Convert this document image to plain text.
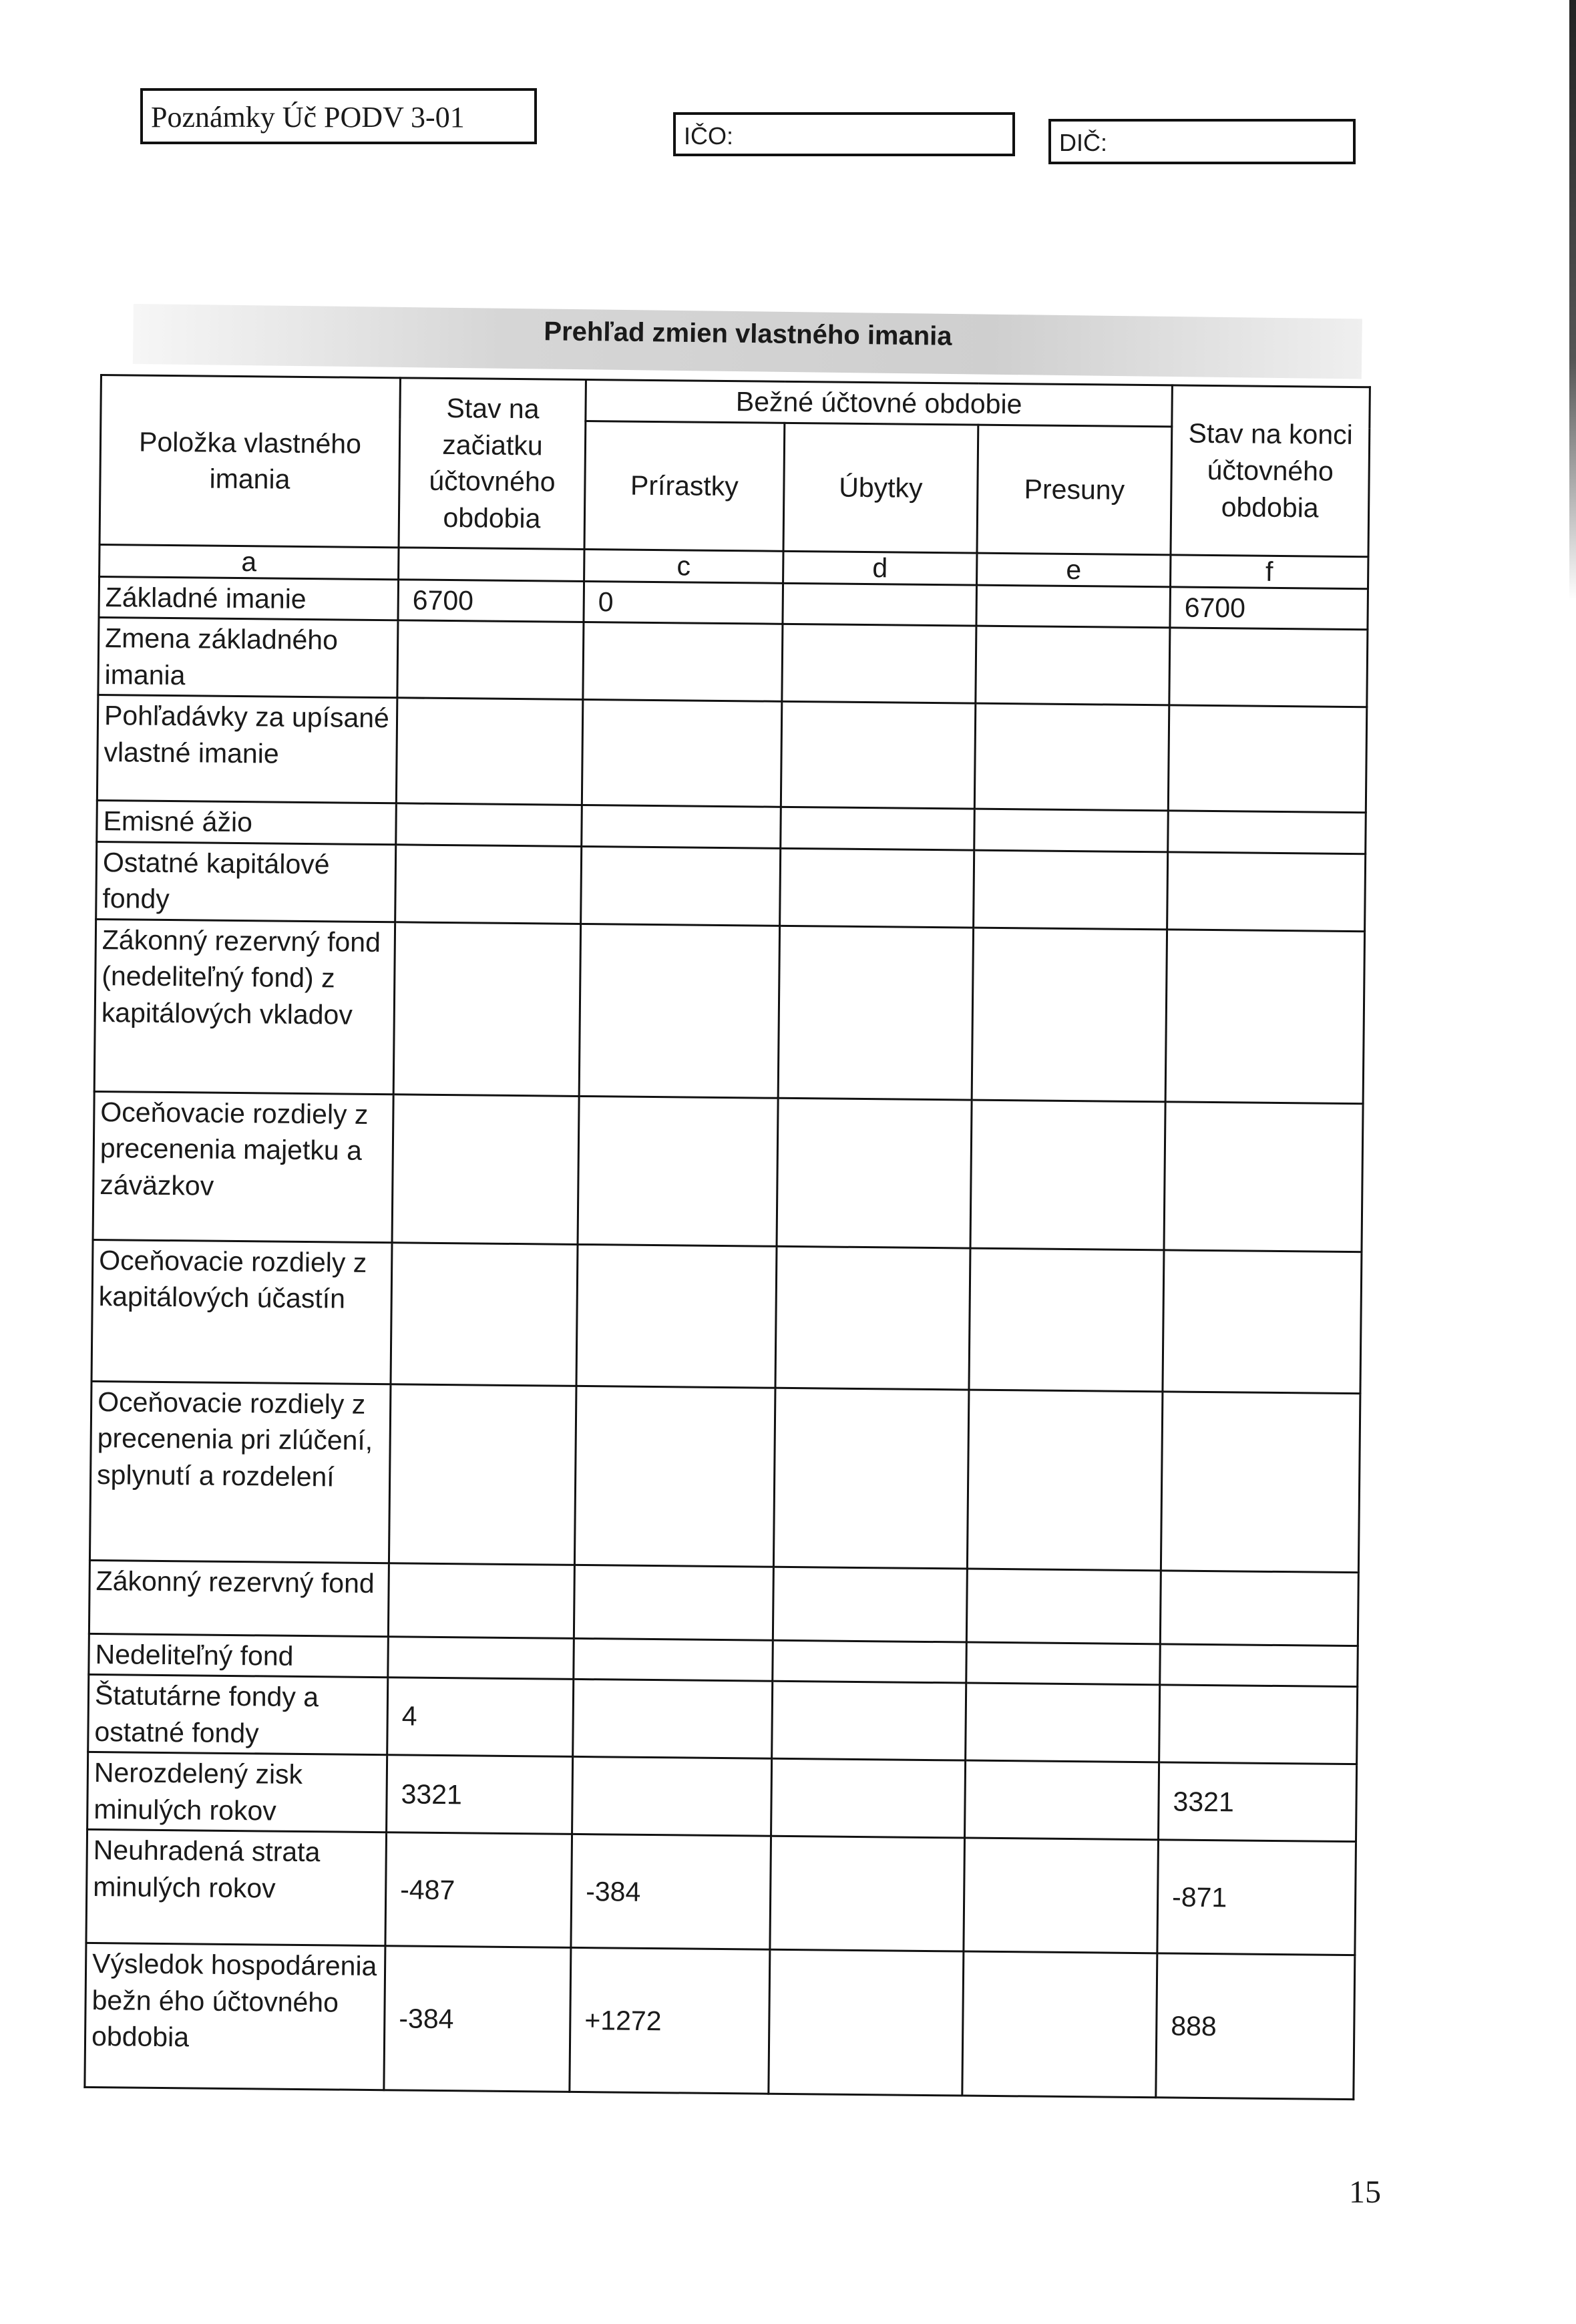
Poznámky Úč PODV 3-01
IČO:	DIČ:
Prehľad zmien vlastného imania
Položka vlastného imania	Stav na začiatku účtovného obdobia	Bežné účtovné obdobie			Stav na konci účtovného obdobia
		Prírastky	Úbytky	Presuny	
a		c	d	e	f
Základné imanie	6700	0			6700
Zmena základného imania					
Pohľadávky za upísané vlastné imanie					
Emisné ážio					
Ostatné kapitálové fondy					
Zákonný rezervný fond (nedeliteľný fond) z kapitálových vkladov					
Oceňovacie rozdiely z precenenia majetku a záväzkov					
Oceňovacie rozdiely z kapitálových účastín					
Oceňovacie rozdiely z precenenia pri zlúčení, splynutí a rozdelení					
Zákonný rezervný fond					
Nedeliteľný fond					
Štatutárne fondy a ostatné fondy	4				
Nerozdelený zisk minulých rokov	3321				3321
Neuhradená strata minulých rokov	-487	-384			-871
Výsledok hospodárenia bežn ého účtovného obdobia	-384	+1272			888
15
